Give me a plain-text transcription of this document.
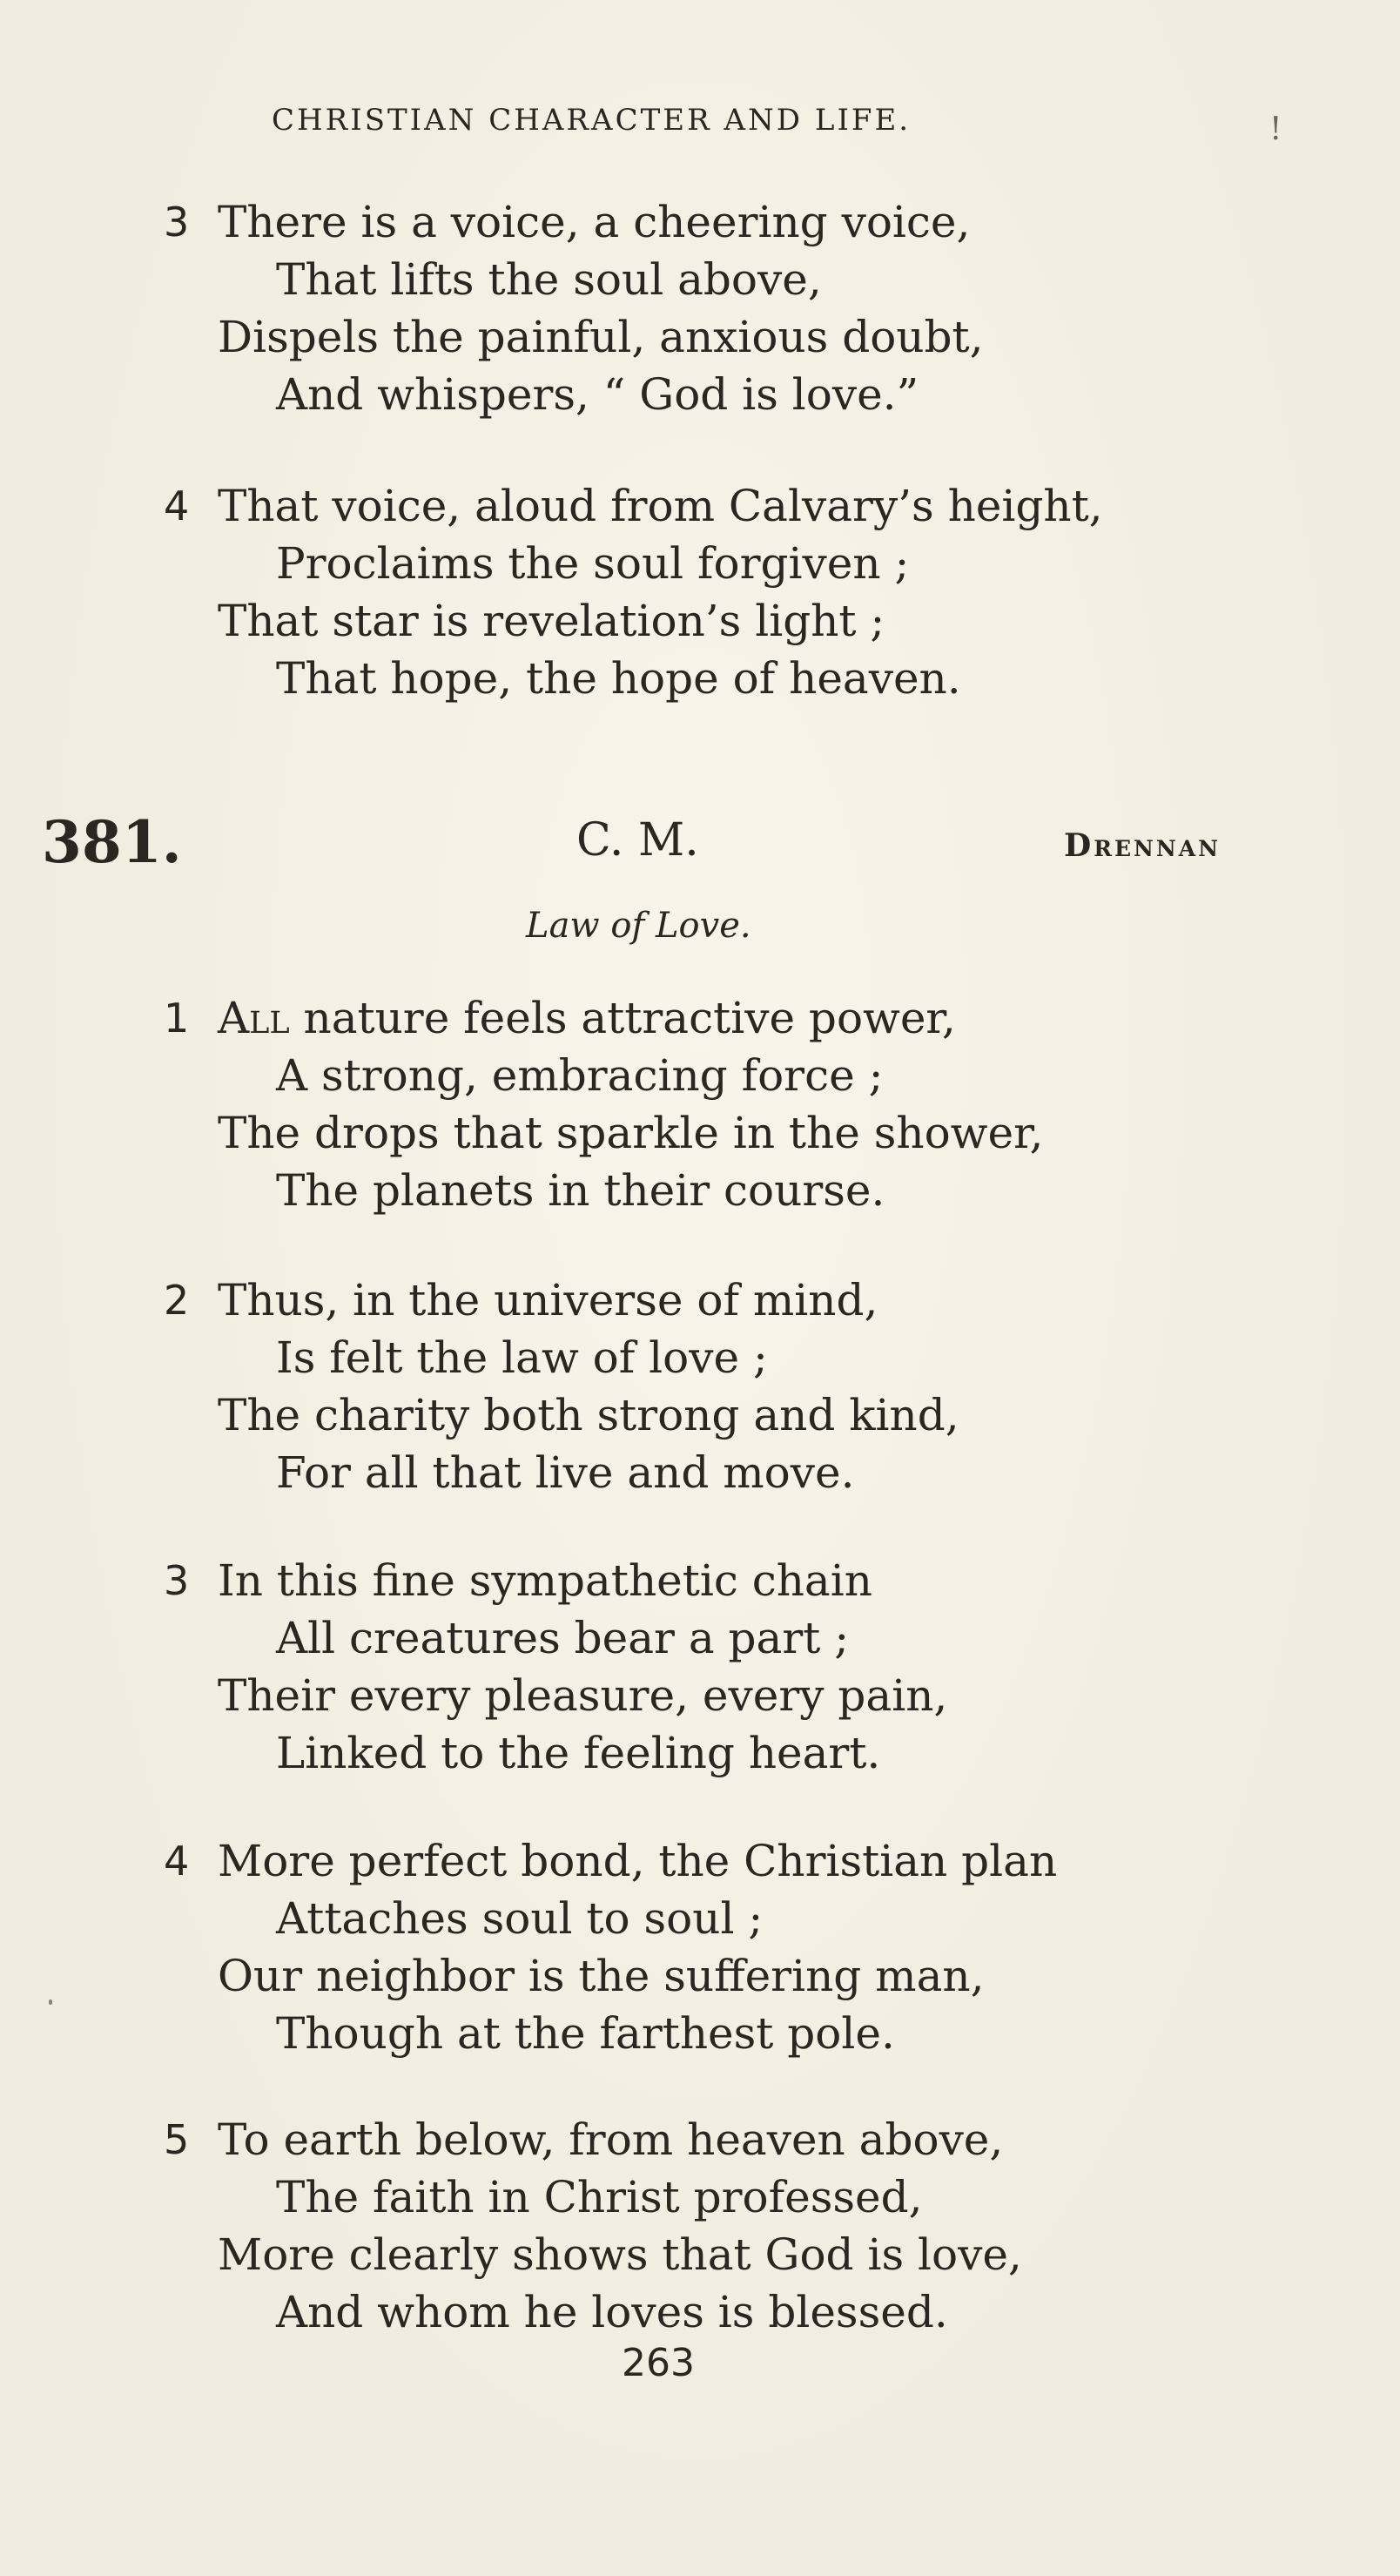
CHRISTIAN CHARACTER AND LIFE.	!
3 There is a voice, a cheering voice,
That lifts the soul above,
Dispels the painful, anxious doubt,
And whispers, “ God is love.”
4 That voice, aloud from Calvary’s height,
Proclaims the soul forgiven ;
That star is revelation’s light ;
That hope, the hope of heaven.
381.	C. M.	Drennan
Law of Love.
1 All nature feels attractive power,
A strong, embracing force ;
The drops that sparkle in the shower,
The planets in their course.
2 Thus, in the universe of mind,
Is felt the law of love ;
The charity both strong and kind,
For all that live and move.
3 In this fine sympathetic chain
All creatures bear a part ;
Their every pleasure, every pain,
Linked to the feeling heart.
4 More perfect bond, the Christian plan
Attaches soul to soul ;
Our neighbor is the suffering man,
Though at the farthest pole.
5 To earth below, from heaven above,
The faith in Christ professed,
More clearly shows that God is love,
And whom he loves is blessed.
263
